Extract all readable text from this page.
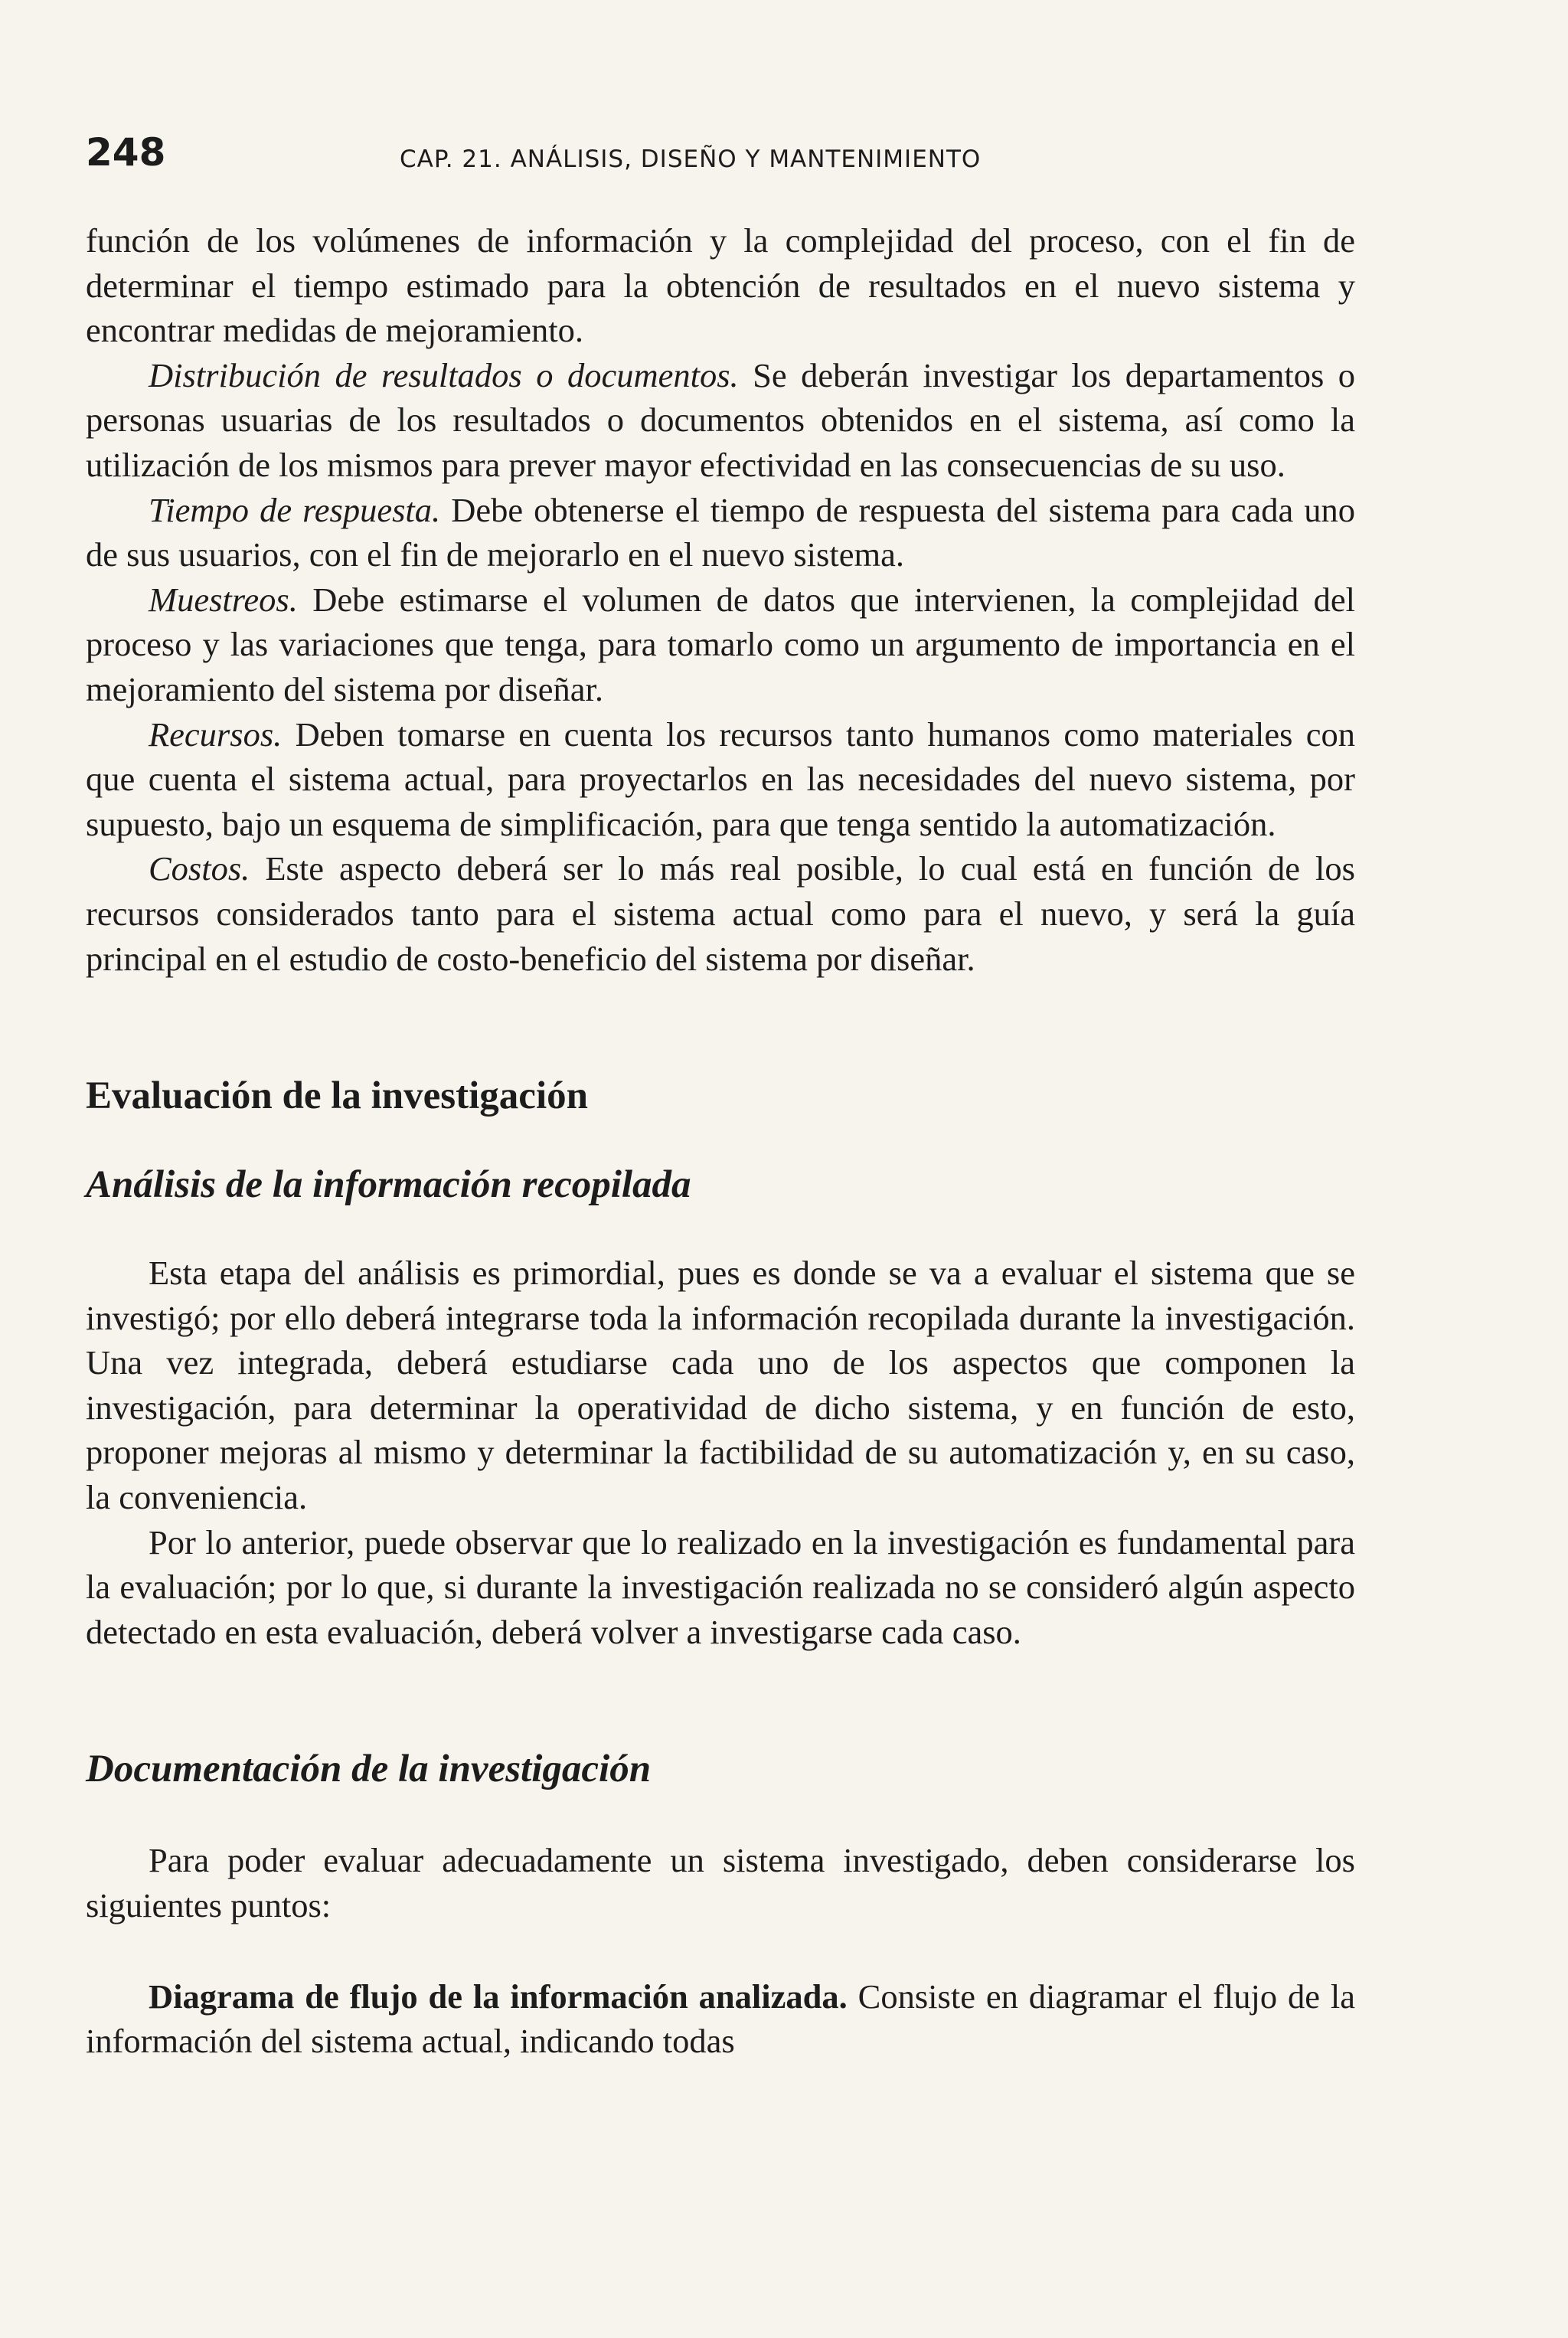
248	CAP. 21. ANÁLISIS, DISEÑO Y MANTENIMIENTO

función de los volúmenes de información y la complejidad del proceso, con el fin de determinar el tiempo estimado para la obtención de resultados en el nuevo sistema y encontrar medidas de mejoramiento.

Distribución de resultados o documentos. Se deberán investigar los departamentos o personas usuarias de los resultados o documentos obtenidos en el sistema, así como la utilización de los mismos para prever mayor efectividad en las consecuencias de su uso.

Tiempo de respuesta. Debe obtenerse el tiempo de respuesta del sistema para cada uno de sus usuarios, con el fin de mejorarlo en el nuevo sistema.

Muestreos. Debe estimarse el volumen de datos que intervienen, la complejidad del proceso y las variaciones que tenga, para tomarlo como un argumento de importancia en el mejoramiento del sistema por diseñar.

Recursos. Deben tomarse en cuenta los recursos tanto humanos como materiales con que cuenta el sistema actual, para proyectarlos en las necesidades del nuevo sistema, por supuesto, bajo un esquema de simplificación, para que tenga sentido la automatización.

Costos. Este aspecto deberá ser lo más real posible, lo cual está en función de los recursos considerados tanto para el sistema actual como para el nuevo, y será la guía principal en el estudio de costo-beneficio del sistema por diseñar.

Evaluación de la investigación
Análisis de la información recopilada

Esta etapa del análisis es primordial, pues es donde se va a evaluar el sistema que se investigó; por ello deberá integrarse toda la información recopilada durante la investigación. Una vez integrada, deberá estudiarse cada uno de los aspectos que componen la investigación, para determinar la operatividad de dicho sistema, y en función de esto, proponer mejoras al mismo y determinar la factibilidad de su automatización y, en su caso, la conveniencia.

Por lo anterior, puede observar que lo realizado en la investigación es fundamental para la evaluación; por lo que, si durante la investigación realizada no se consideró algún aspecto detectado en esta evaluación, deberá volver a investigarse cada caso.

Documentación de la investigación

Para poder evaluar adecuadamente un sistema investigado, deben considerarse los siguientes puntos:

Diagrama de flujo de la información analizada. Consiste en diagramar el flujo de la información del sistema actual, indicando todas
